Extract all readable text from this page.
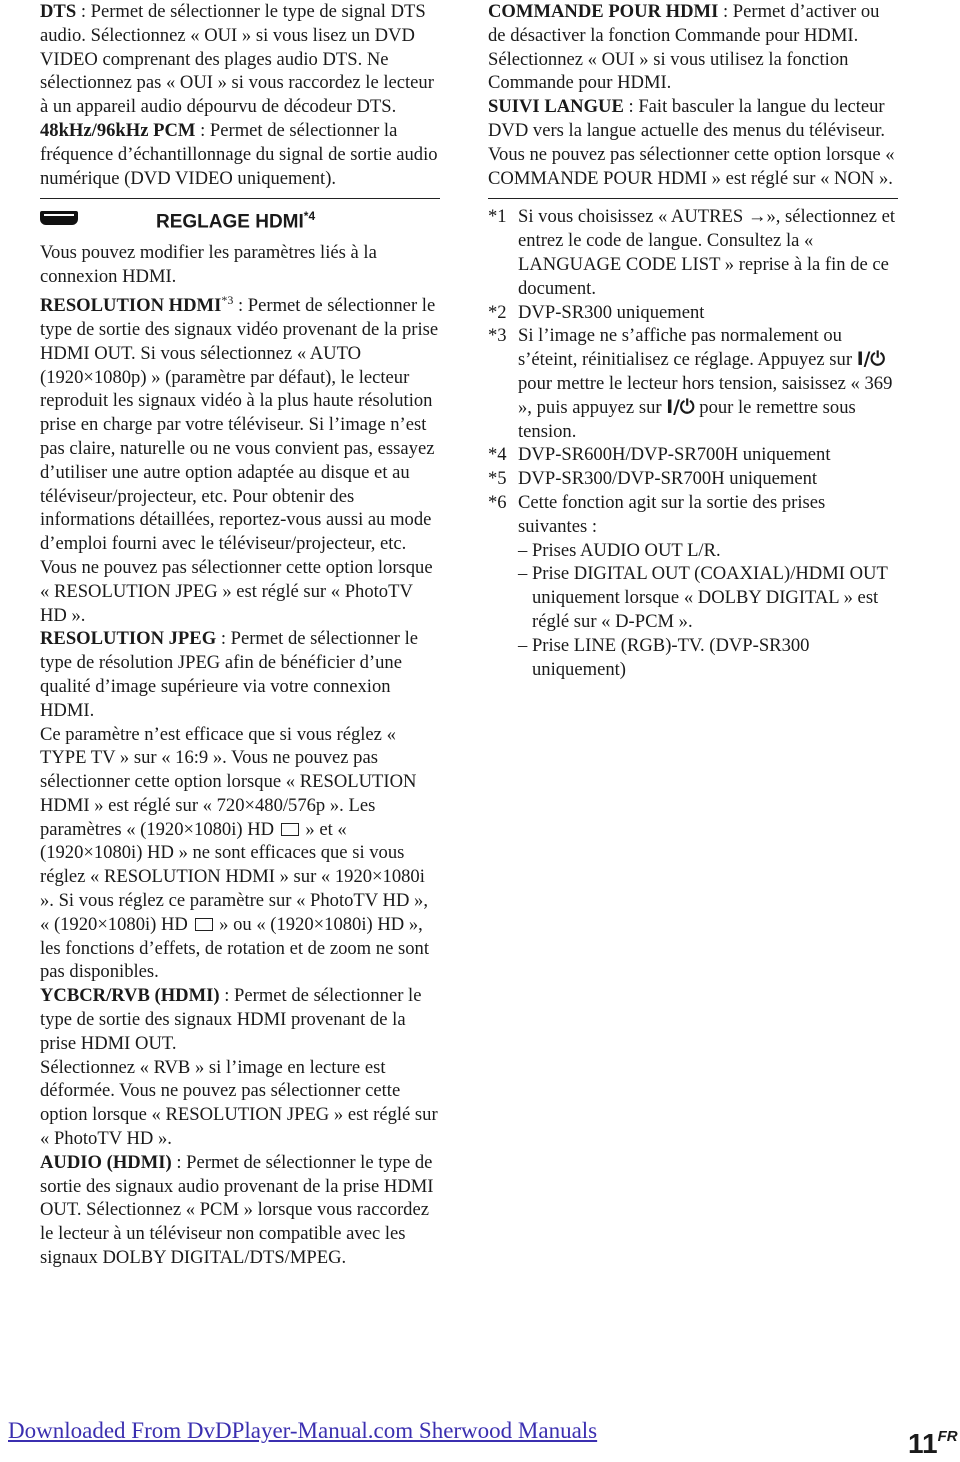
DTS : Permet de sélectionner le type de signal DTS audio. Sélectionnez « OUI » si vous lisez un DVD VIDEO comprenant des plages audio DTS. Ne sélectionnez pas « OUI » si vous raccordez le lecteur à un appareil audio dépourvu de décodeur DTS.

48kHz/96kHz PCM : Permet de sélectionner la fréquence d’échantillonnage du signal de sortie audio numérique (DVD VIDEO uniquement).

REGLAGE HDMI$^{*4}$

Vous pouvez modifier les paramètres liés à la connexion HDMI.

RESOLUTION HDMI$^{*3}$ : Permet de sélectionner le type de sortie des signaux vidéo provenant de la prise HDMI OUT. Si vous sélectionnez « AUTO (1920×1080p) » (paramètre par défaut), le lecteur reproduit les signaux vidéo à la plus haute résolution prise en charge par votre téléviseur. Si l’image n’est pas claire, naturelle ou ne vous convient pas, essayez d’utiliser une autre option adaptée au disque et au téléviseur/projecteur, etc. Pour obtenir des informations détaillées, reportez-vous aussi au mode d’emploi fourni avec le téléviseur/projecteur, etc.

Vous ne pouvez pas sélectionner cette option lorsque « RESOLUTION JPEG » est réglé sur « PhotoTV HD ».

RESOLUTION JPEG : Permet de sélectionner le type de résolution JPEG afin de bénéficier d’une qualité d’image supérieure via votre connexion HDMI.

Ce paramètre n’est efficace que si vous réglez « TYPE TV » sur « 16:9 ». Vous ne pouvez pas sélectionner cette option lorsque « RESOLUTION HDMI » est réglé sur « 720×480/576p ». Les paramètres « (1920×1080i) HD  » et « (1920×1080i) HD » ne sont efficaces que si vous réglez « RESOLUTION HDMI » sur « 1920×1080i ». Si vous réglez ce paramètre sur « PhotoTV HD », « (1920×1080i) HD  » ou « (1920×1080i) HD », les fonctions d’effets, de rotation et de zoom ne sont pas disponibles.

YCBCR/RVB (HDMI) : Permet de sélectionner le type de sortie des signaux HDMI provenant de la prise HDMI OUT.

Sélectionnez « RVB » si l’image en lecture est déformée. Vous ne pouvez pas sélectionner cette option lorsque « RESOLUTION JPEG » est réglé sur « PhotoTV HD ».

AUDIO (HDMI) : Permet de sélectionner le type de sortie des signaux audio provenant de la prise HDMI OUT. Sélectionnez « PCM » lorsque vous raccordez le lecteur à un téléviseur non compatible avec les signaux DOLBY DIGITAL/DTS/MPEG.

COMMANDE POUR HDMI : Permet d’activer ou de désactiver la fonction Commande pour HDMI. Sélectionnez « OUI » si vous utilisez la fonction Commande pour HDMI.

SUIVI LANGUE : Fait basculer la langue du lecteur DVD vers la langue actuelle des menus du téléviseur. Vous ne pouvez pas sélectionner cette option lorsque « COMMANDE POUR HDMI » est réglé sur « NON ».

*1 Si vous choisissez « AUTRES →», sélectionnez et entrez le code de langue. Consultez la « LANGUAGE CODE LIST » reprise à la fin de ce document.
*2 DVP-SR300 uniquement
*3 Si l’image ne s’affiche pas normalement ou s’éteint, réinitialisez ce réglage. Appuyez sur I/⏻ pour mettre le lecteur hors tension, saisissez « 369 », puis appuyez sur I/⏻ pour le remettre sous tension.
*4 DVP-SR600H/DVP-SR700H uniquement
*5 DVP-SR300/DVP-SR700H uniquement
*6 Cette fonction agit sur la sortie des prises suivantes :
– Prises AUDIO OUT L/R.
– Prise DIGITAL OUT (COAXIAL)/HDMI OUT uniquement lorsque « DOLBY DIGITAL » est réglé sur « D-PCM ».
– Prise LINE (RGB)-TV. (DVP-SR300 uniquement)
Downloaded From DvDPlayer-Manual.com Sherwood Manuals	$11^{FR}$
